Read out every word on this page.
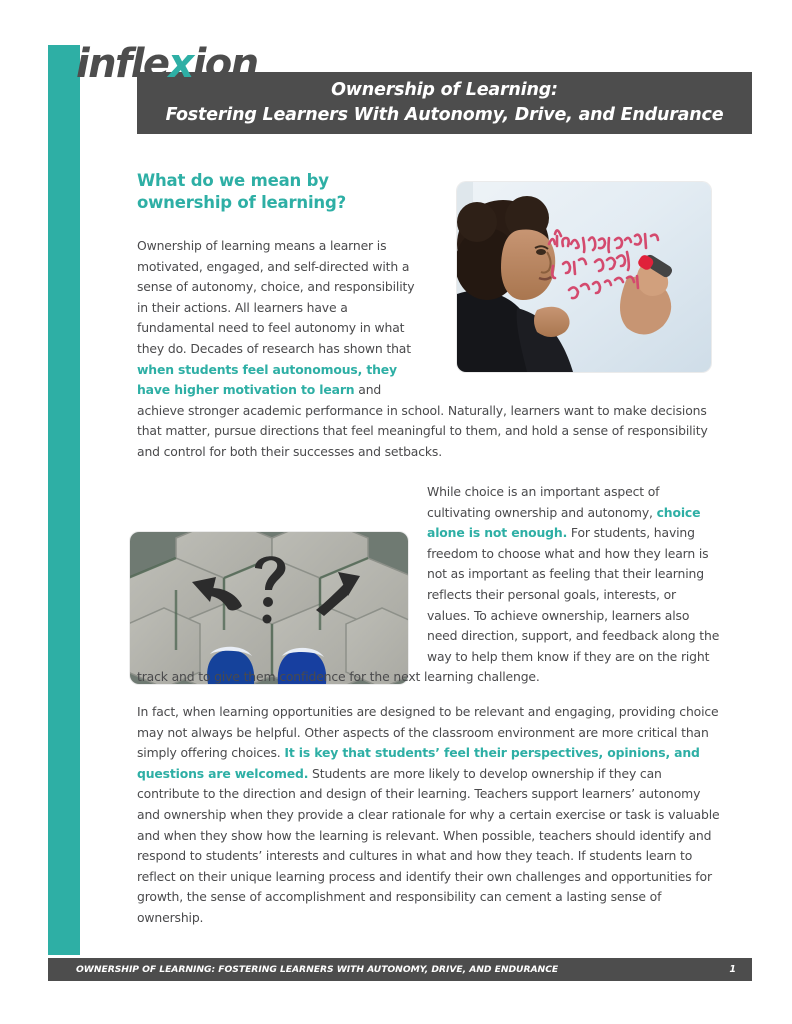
inflexion
Ownership of Learning:
Fostering Learners With Autonomy, Drive, and Endurance
What do we mean by
ownership of learning?
Ownership of learning means a learner is motivated, engaged, and self-directed with a sense of autonomy, choice, and responsibility in their actions. All learners have a fundamental need to feel autonomy in what they do. Decades of research has shown that when students feel autonomous, they have higher motivation to learn and achieve stronger academic performance in school. Naturally, learners want to make decisions that matter, pursue directions that feel meaningful to them, and hold a sense of responsibility and control for both their successes and setbacks.
While choice is an important aspect of cultivating ownership and autonomy, choice alone is not enough. For students, having freedom to choose what and how they learn is not as important as feeling that their learning reflects their personal goals, interests, or values. To achieve ownership, learners also need direction, support, and feedback along the way to help them know if they are on the right track and to give them confidence for the next learning challenge.
In fact, when learning opportunities are designed to be relevant and engaging, providing choice may not always be helpful. Other aspects of the classroom environment are more critical than simply offering choices. It is key that students’ feel their perspectives, opinions, and questions are welcomed. Students are more likely to develop ownership if they can contribute to the direction and design of their learning. Teachers support learners’ autonomy and ownership when they provide a clear rationale for why a certain exercise or task is valuable and when they show how the learning is relevant. When possible, teachers should identify and respond to students’ interests and cultures in what and how they teach. If students learn to reflect on their unique learning process and identify their own challenges and opportunities for growth, the sense of accomplishment and responsibility can cement a lasting sense of ownership.
OWNERSHIP OF LEARNING: FOSTERING LEARNERS WITH AUTONOMY, DRIVE, AND ENDURANCE	1
